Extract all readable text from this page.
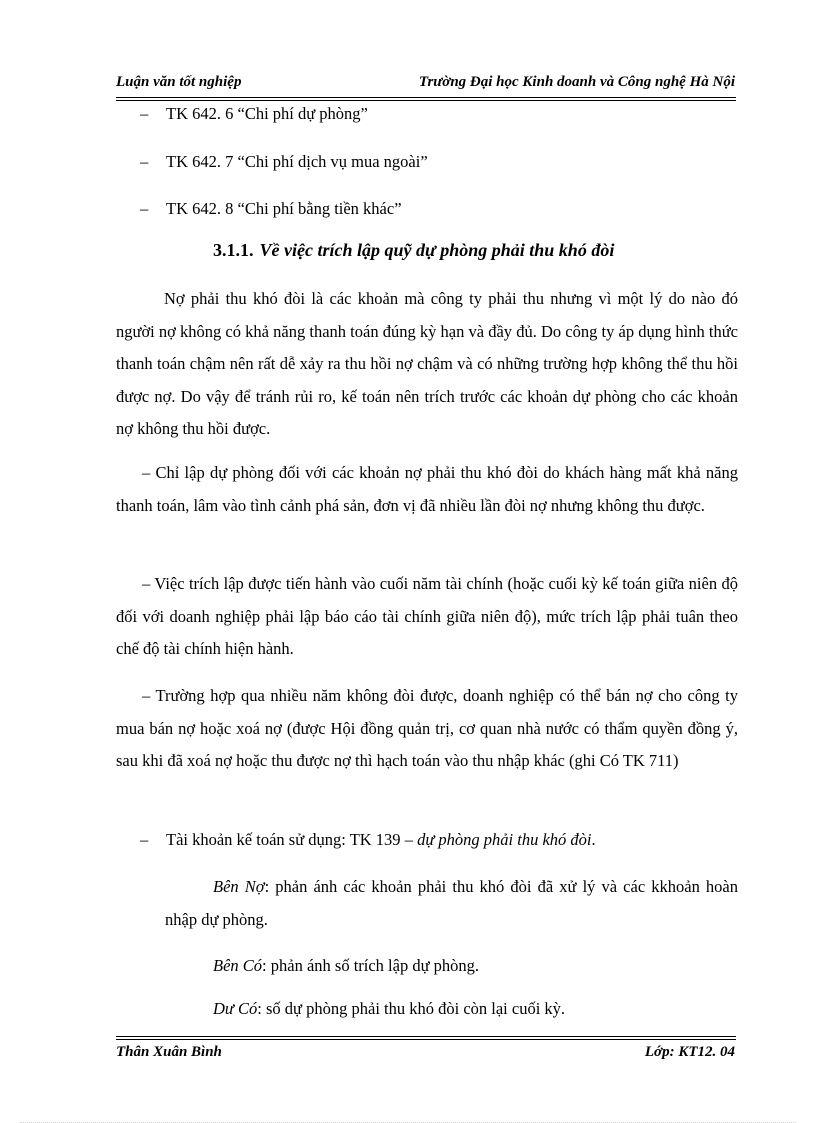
Luận văn tốt nghiệp	Trường Đại học Kinh doanh và Công nghệ Hà Nội
– TK 642. 6 “Chi phí dự phòng”
– TK 642. 7 “Chi phí dịch vụ mua ngoài”
– TK 642. 8 “Chi phí bằng tiền khác”
3.1.1. Về việc trích lập quỹ dự phòng phải thu khó đòi
Nợ phải thu khó đòi là các khoản mà công ty phải thu nhưng vì một lý do nào đó người nợ không có khả năng thanh toán đúng kỳ hạn và đầy đủ. Do công ty áp dụng hình thức thanh toán chậm nên rất dễ xảy ra thu hồi nợ chậm và có những trường hợp không thể thu hồi được nợ. Do vậy để tránh rủi ro, kế toán nên trích trước các khoản dự phòng cho các khoản nợ không thu hồi được.
– Chỉ lập dự phòng đối với các khoản nợ phải thu khó đòi do khách hàng mất khả năng thanh toán, lâm vào tình cảnh phá sản, đơn vị đã nhiều lần đòi nợ nhưng không thu được.
– Việc trích lập được tiến hành vào cuối năm tài chính (hoặc cuối kỳ kế toán giữa niên độ đối với doanh nghiệp phải lập báo cáo tài chính giữa niên độ), mức trích lập phải tuân theo chế độ tài chính hiện hành.
– Trường hợp qua nhiều năm không đòi được, doanh nghiệp có thể bán nợ cho công ty mua bán nợ hoặc xoá nợ (được Hội đồng quản trị, cơ quan nhà nước có thẩm quyền đồng ý, sau khi đã xoá nợ hoặc thu được nợ thì hạch toán vào thu nhập khác (ghi Có TK 711)
– Tài khoản kế toán sử dụng: TK 139 – dự phòng phải thu khó đòi.
Bên Nợ: phản ánh các khoản phải thu khó đòi đã xử lý và các kkhoản hoàn nhập dự phòng.
Bên Có: phản ánh số trích lập dự phòng.
Dư Có: số dự phòng phải thu khó đòi còn lại cuối kỳ.
Thân Xuân Bình	Lớp: KT12. 04
